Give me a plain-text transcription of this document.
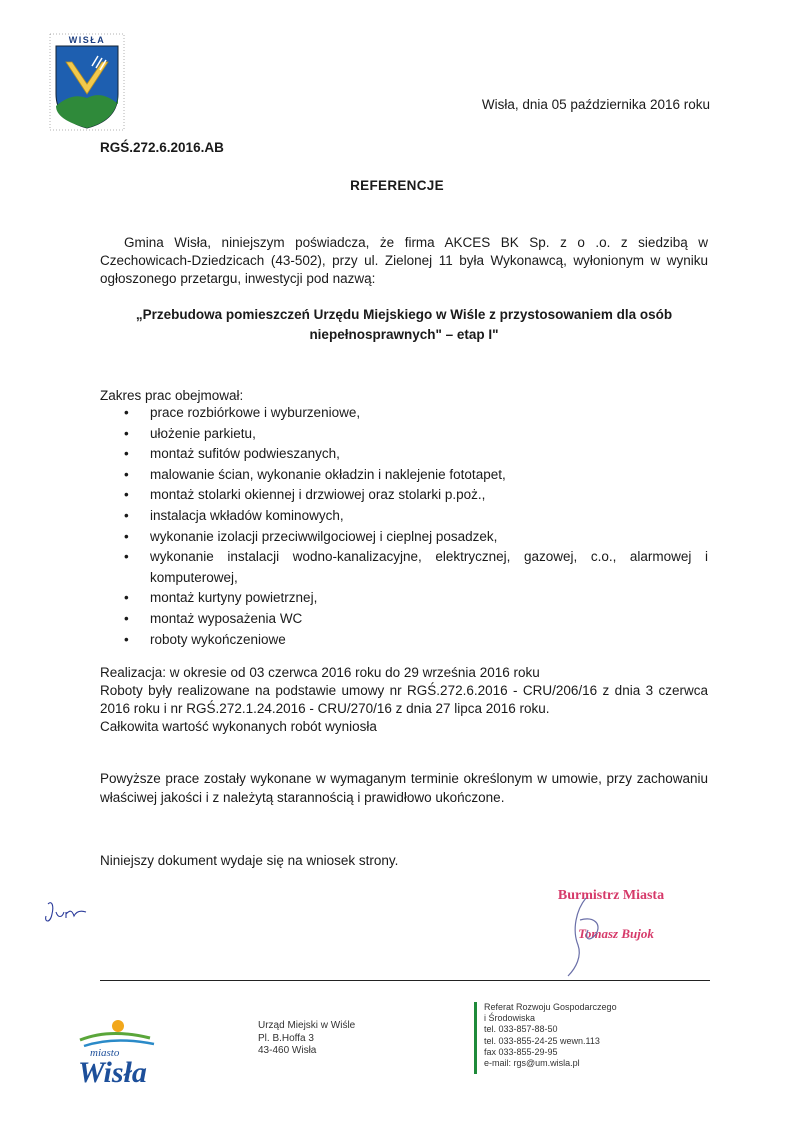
WISŁA
Wisła, dnia 05 października 2016 roku
RGŚ.272.6.2016.AB
REFERENCJE
Gmina Wisła, niniejszym poświadcza, że firma AKCES BK Sp. z o .o. z siedzibą w Czechowicach-Dziedzicach (43-502), przy ul. Zielonej 11 była Wykonawcą, wyłonionym w wyniku ogłoszonego przetargu, inwestycji pod nazwą:
„Przebudowa pomieszczeń Urzędu Miejskiego w Wiśle z przystosowaniem dla osób
niepełnosprawnych" – etap I"
Zakres prac obejmował:
• prace rozbiórkowe i wyburzeniowe,
• ułożenie parkietu,
• montaż sufitów podwieszanych,
• malowanie ścian, wykonanie okładzin i naklejenie fototapet,
• montaż stolarki okiennej i drzwiowej oraz stolarki p.poż.,
• instalacja wkładów kominowych,
• wykonanie izolacji przeciwwilgociowej i cieplnej posadzek,
• wykonanie instalacji wodno-kanalizacyjne, elektrycznej, gazowej, c.o., alarmowej i komputerowej,
• montaż kurtyny powietrznej,
• montaż wyposażenia WC
• roboty wykończeniowe
Realizacja: w okresie od 03 czerwca 2016 roku do 29 września 2016 roku
Roboty były realizowane na podstawie umowy nr RGŚ.272.6.2016 - CRU/206/16 z dnia 3 czerwca 2016 roku i nr RGŚ.272.1.24.2016 - CRU/270/16 z dnia 27 lipca 2016 roku.
Całkowita wartość wykonanych robót wyniosła
Powyższe prace zostały wykonane w wymaganym terminie określonym w umowie, przy zachowaniu właściwej jakości i z należytą starannością i prawidłowo ukończone.
Niniejszy dokument wydaje się na wniosek strony.
Burmistrz Miasta
Tomasz Bujok
miasto
Wisła
Urząd Miejski w Wiśle
Pl. B.Hoffa 3
43-460 Wisła
Referat Rozwoju Gospodarczego
i Środowiska
tel. 033-857-88-50
tel. 033-855-24-25 wewn.113
fax 033-855-29-95
e-mail: rgs@um.wisla.pl
